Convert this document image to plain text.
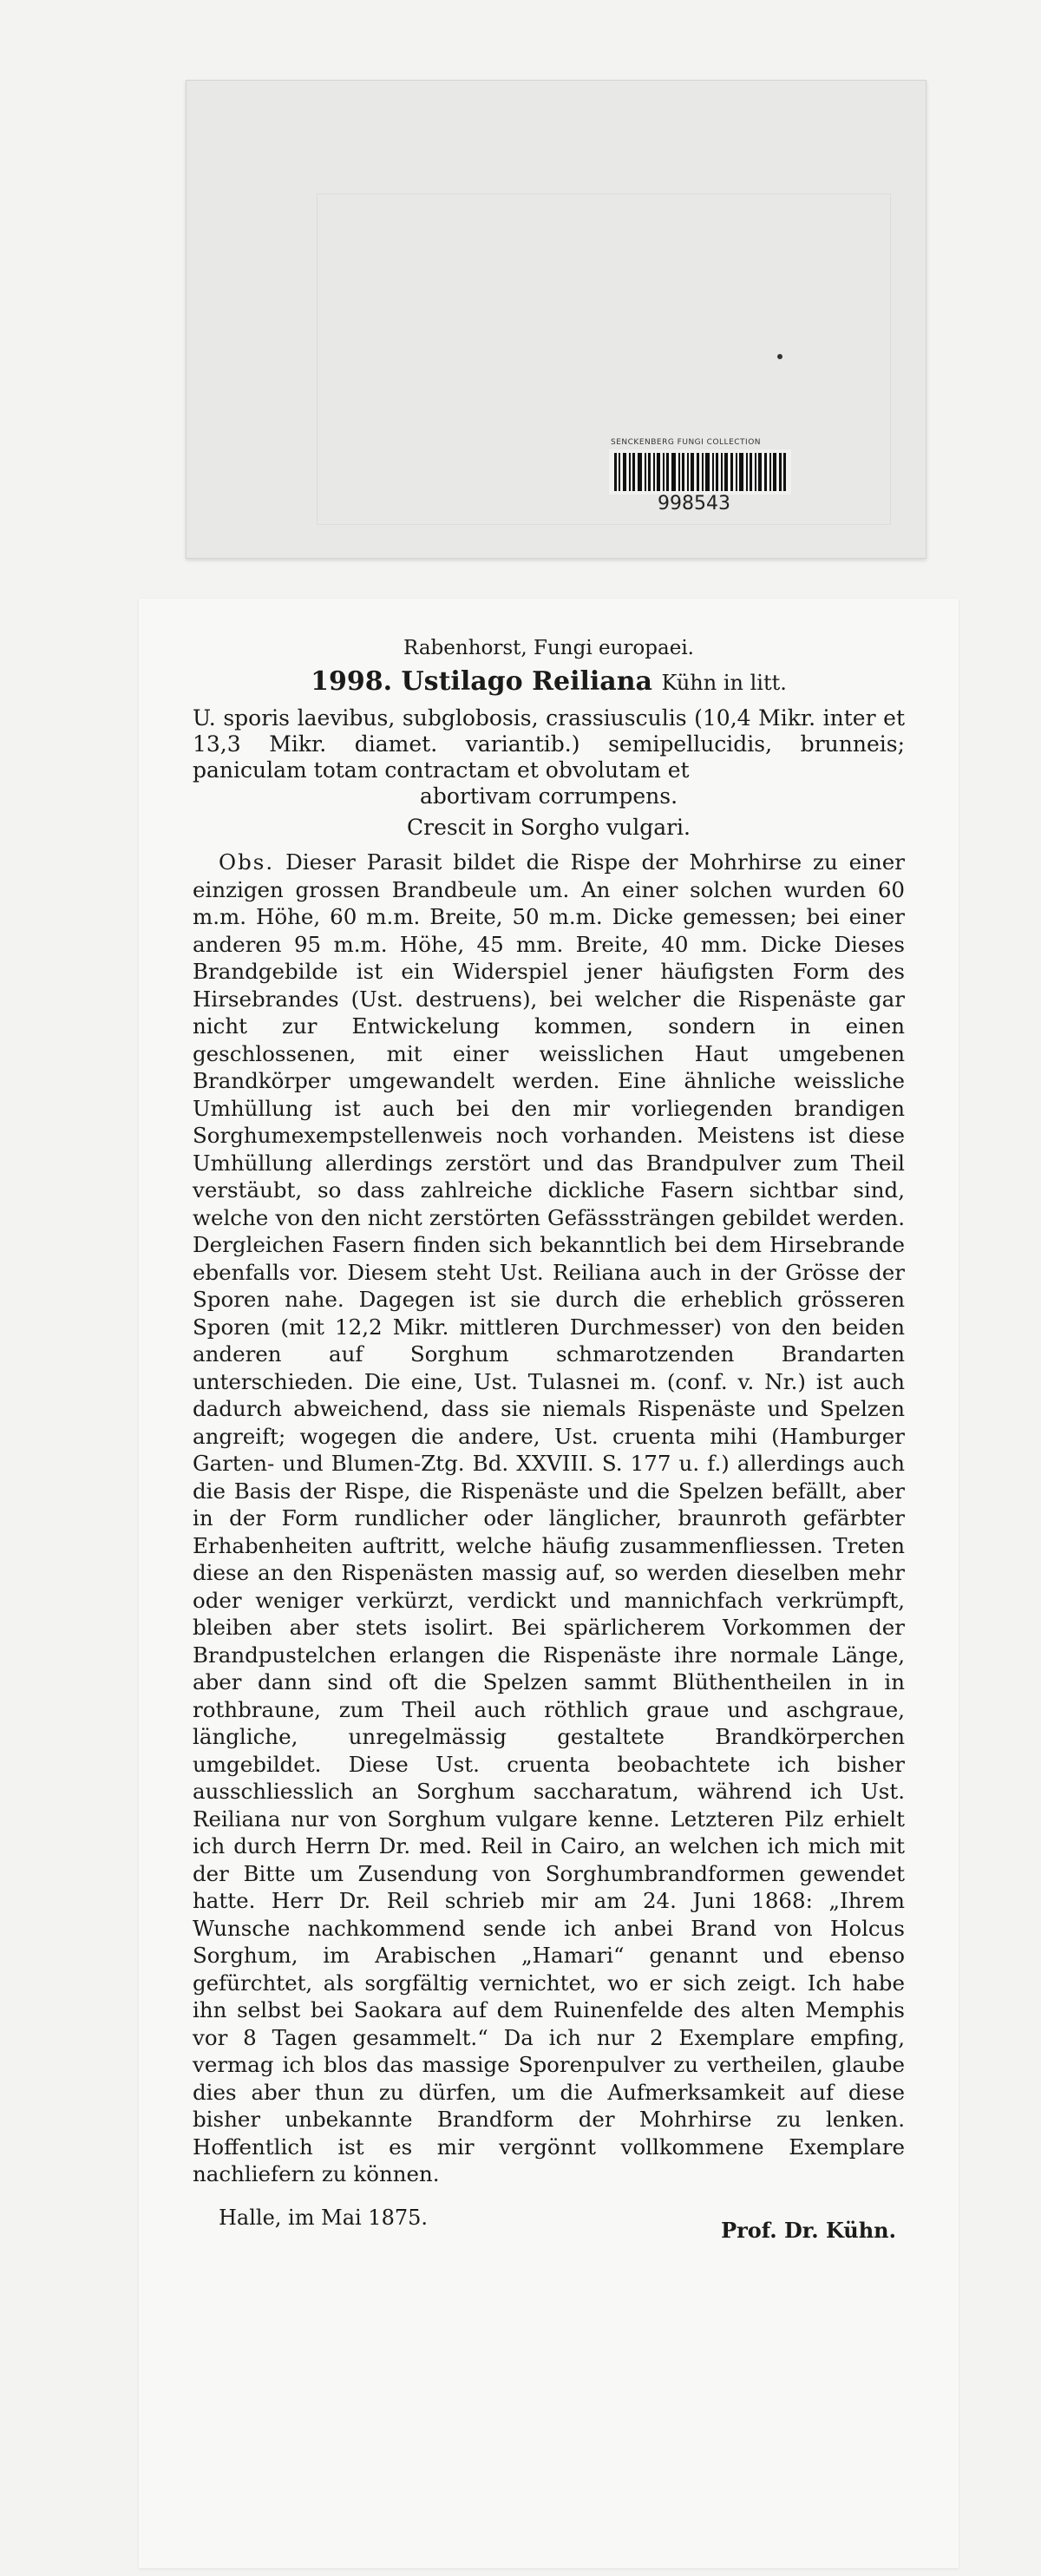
SENCKENBERG FUNGI COLLECTION
998543
Rabenhorst, Fungi europaei.
1998. Ustilago Reiliana Kühn in litt.
U. sporis laevibus, subglobosis, crassiusculis (10,4 Mikr. inter et 13,3 Mikr. diamet. variantib.) semipellucidis, brunneis; paniculam totam contractam et obvolutam et
abortivam corrumpens.
Crescit in Sorgho vulgari.
Obs. Dieser Parasit bildet die Rispe der Mohrhirse zu einer einzigen grossen Brandbeule um. An einer solchen wurden 60 m.m. Höhe, 60 m.m. Breite, 50 m.m. Dicke gemessen; bei einer anderen 95 m.m. Höhe, 45 mm. Breite, 40 mm. Dicke Dieses Brandgebilde ist ein Widerspiel jener häufigsten Form des Hirsebrandes (Ust. destruens), bei welcher die Rispenäste gar nicht zur Entwickelung kommen, sondern in einen geschlossenen, mit einer weisslichen Haut umgebenen Brandkörper umgewandelt werden. Eine ähnliche weissliche Umhüllung ist auch bei den mir vorliegenden brandigen Sorghumexempstellenweis noch vorhanden. Meistens ist diese Umhüllung allerdings zerstört und das Brandpulver zum Theil verstäubt, so dass zahlreiche dickliche Fasern sichtbar sind, welche von den nicht zerstörten Gefässsträngen gebildet werden. Dergleichen Fasern finden sich bekanntlich bei dem Hirsebrande ebenfalls vor. Diesem steht Ust. Reiliana auch in der Grösse der Sporen nahe. Dagegen ist sie durch die erheblich grösseren Sporen (mit 12,2 Mikr. mittleren Durchmesser) von den beiden anderen auf Sorghum schmarotzenden Brandarten unterschieden. Die eine, Ust. Tulasnei m. (conf. v. Nr.) ist auch dadurch abweichend, dass sie niemals Rispenäste und Spelzen angreift; wogegen die andere, Ust. cruenta mihi (Hamburger Garten- und Blumen-Ztg. Bd. XXVIII. S. 177 u. f.) allerdings auch die Basis der Rispe, die Rispenäste und die Spelzen befällt, aber in der Form rundlicher oder länglicher, braunroth gefärbter Erhabenheiten auftritt, welche häufig zusammenfliessen. Treten diese an den Rispenästen massig auf, so werden dieselben mehr oder weniger verkürzt, verdickt und mannichfach verkrümpft, bleiben aber stets isolirt. Bei spärlicherem Vorkommen der Brandpustelchen erlangen die Rispenäste ihre normale Länge, aber dann sind oft die Spelzen sammt Blüthentheilen in in rothbraune, zum Theil auch röthlich graue und aschgraue, längliche, unregelmässig gestaltete Brandkörperchen umgebildet. Diese Ust. cruenta beobachtete ich bisher ausschliesslich an Sorghum saccharatum, während ich Ust. Reiliana nur von Sorghum vulgare kenne. Letzteren Pilz erhielt ich durch Herrn Dr. med. Reil in Cairo, an welchen ich mich mit der Bitte um Zusendung von Sorghumbrandformen gewendet hatte. Herr Dr. Reil schrieb mir am 24. Juni 1868: „Ihrem Wunsche nachkommend sende ich anbei Brand von Holcus Sorghum, im Arabischen „Hamari“ genannt und ebenso gefürchtet, als sorgfältig vernichtet, wo er sich zeigt. Ich habe ihn selbst bei Saokara auf dem Ruinenfelde des alten Memphis vor 8 Tagen gesammelt.“ Da ich nur 2 Exemplare empfing, vermag ich blos das massige Sporenpulver zu vertheilen, glaube dies aber thun zu dürfen, um die Aufmerksamkeit auf diese bisher unbekannte Brandform der Mohrhirse zu lenken. Hoffentlich ist es mir vergönnt vollkommene Exemplare nachliefern zu können.
Halle, im Mai 1875.	Prof. Dr. Kühn.
